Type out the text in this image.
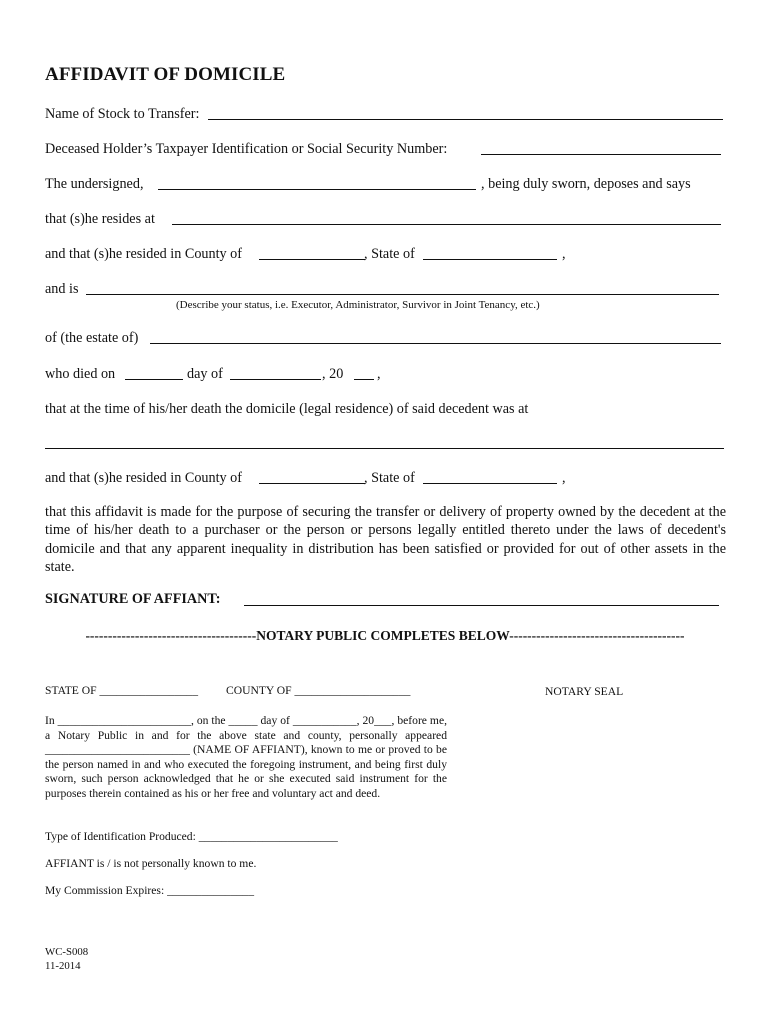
AFFIDAVIT OF DOMICILE
Name of Stock to Transfer:
Deceased Holder’s Taxpayer Identification or Social Security Number:
The undersigned,	, being duly sworn, deposes and says
that (s)he resides at
and that (s)he resided in County of	, State of	,
and is
(Describe your status, i.e. Executor, Administrator, Survivor in Joint Tenancy, etc.)
of (the estate of)
who died on	day of	, 20 ,
that at the time of his/her death the domicile (legal residence) of said decedent was at
and that (s)he resided in County of	, State of	,
that this affidavit is made for the purpose of securing the transfer or delivery of property owned by the decedent at the time of his/her death to a purchaser or the person or persons legally entitled thereto under the laws of decedent's domicile and that any apparent inequality in distribution has been satisfied or provided for out of other assets in the state.
SIGNATURE OF AFFIANT:
--------------------------------------NOTARY PUBLIC COMPLETES BELOW---------------------------------------
STATE OF _________________ COUNTY OF ____________________	NOTARY SEAL
In _______________________, on the _____ day of ___________, 20___, before me, a Notary Public in and for the above state and county, personally appeared _________________________ (NAME OF AFFIANT), known to me or proved to be the person named in and who executed the foregoing instrument, and being first duly sworn, such person acknowledged that he or she executed said instrument for the purposes therein contained as his or her free and voluntary act and deed.
Type of Identification Produced: ________________________
AFFIANT is / is not personally known to me.
My Commission Expires: _______________
WC-S008
11-2014
